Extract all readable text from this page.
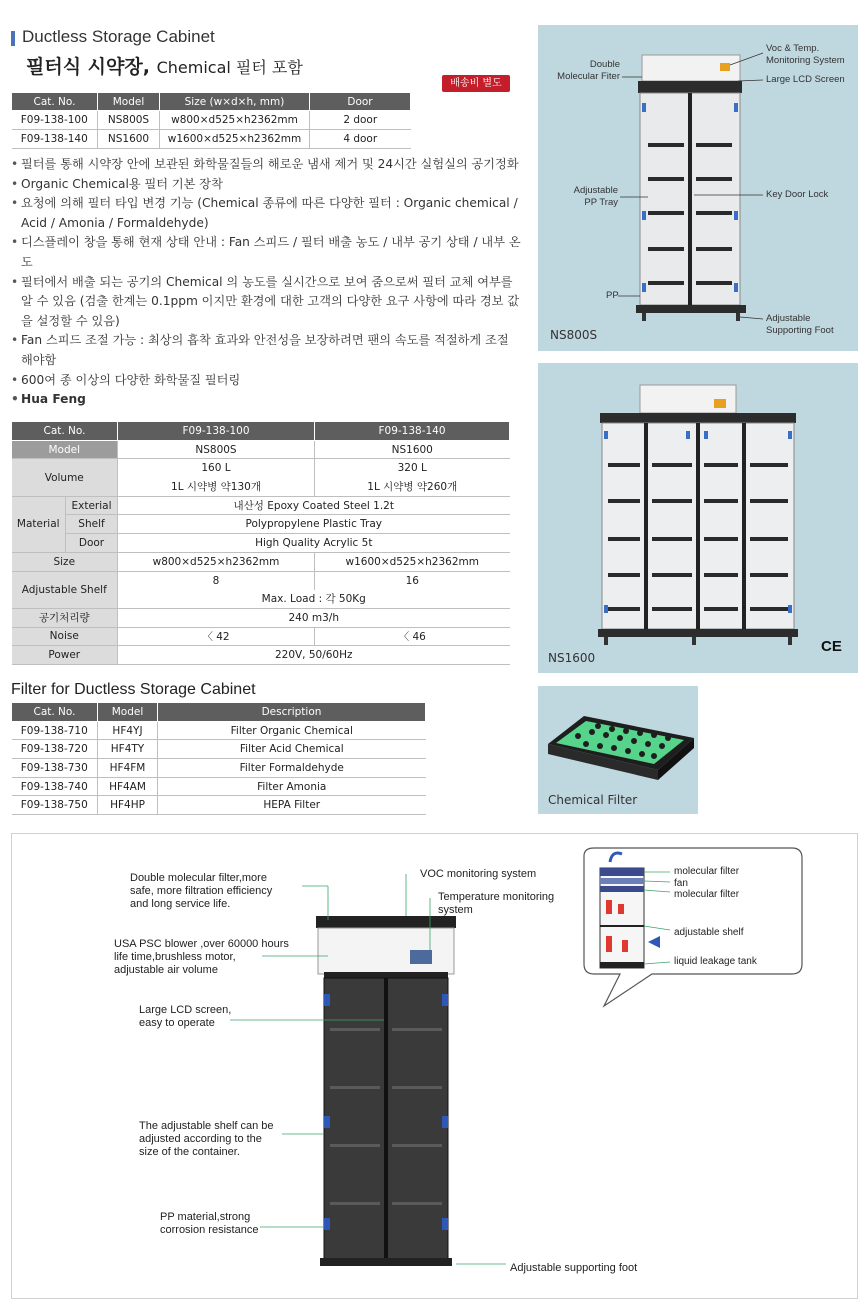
Ductless Storage Cabinet
필터식 시약장, Chemical 필터 포함
배송비 별도
Cat. No.	Model	Size (w×d×h, mm)	Door
F09-138-100	NS800S	w800×d525×h2362mm	2 door
F09-138-140	NS1600	w1600×d525×h2362mm	4 door
• 필터를 통해 시약장 안에 보관된 화학물질들의 해로운 냄새 제거 및 24시간 실험실의 공기정화
• Organic Chemical용 필터 기본 장착
• 요청에 의해 필터 타입 변경 기능 (Chemical 종류에 따른 다양한 필터 : Organic chemical / Acid / Amonia / Formaldehyde)
• 디스플레이 창을 통해 현재 상태 안내 : Fan 스피드 / 필터 배출 농도 / 내부 공기 상태 / 내부 온도
• 필터에서 배출 되는 공기의 Chemical 의 농도를 실시간으로 보여 줌으로써 필터 교체 여부를 알 수 있음 (검출 한계는 0.1ppm 이지만 환경에 대한 고객의 다양한 요구 사항에 따라 경보 값을 설정할 수 있음)
• Fan 스피드 조절 가능 : 최상의 흡착 효과와 안전성을 보장하려면 팬의 속도를 적절하게 조절 해야함
• 600여 종 이상의 다양한 화학물질 필터링
• Hua Feng
Cat. No.		F09-138-100	F09-138-140
Model		NS800S	NS1600
Volume		160 L	320 L
		1L 시약병 약130개	1L 시약병 약260개
Material	Exterial	내산성 Epoxy Coated Steel 1.2t	
	Shelf	Polypropylene Plastic Tray	
	Door	High Quality Acrylic 5t	
Size		w800×d525×h2362mm	w1600×d525×h2362mm
Adjustable Shelf		8	16
		Max. Load : 각 50Kg	
공기처리량		240 m3/h	
Noise		〈 42	〈 46
Power		220V, 50/60Hz	
Filter for Ductless Storage Cabinet
Cat. No.	Model	Description
F09-138-710	HF4YJ	Filter Organic Chemical
F09-138-720	HF4TY	Filter Acid Chemical
F09-138-730	HF4FM	Filter Formaldehyde
F09-138-740	HF4AM	Filter Amonia
F09-138-750	HF4HP	HEPA Filter
Double
Molecular Fiter
Voc & Temp.
Monitoring System
Large LCD Screen
Adjustable
PP Tray
Key Door Lock
PP
Adjustable
Supporting Foot
NS800S
NS1600
CE
Chemical Filter
Double molecular filter,more
safe, more filtration efficiency
and long service life.
USA PSC blower ,over 60000 hours
life time,brushless motor,
adjustable air volume
Large LCD screen,
easy to operate
The adjustable shelf can be
adjusted according to the
size of the container.
PP material,strong
corrosion resistance
VOC monitoring system
Temperature monitoring
system
Adjustable supporting foot
molecular filter
fan
molecular filter
adjustable shelf
liquid leakage tank
